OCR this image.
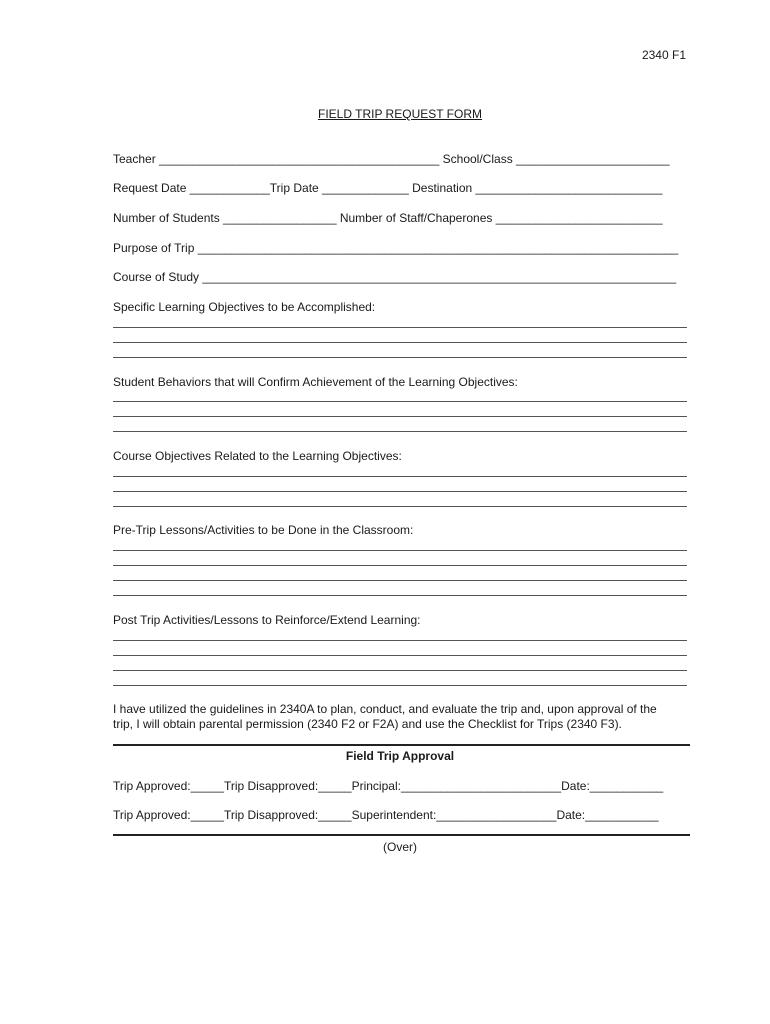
2340 F1
FIELD TRIP REQUEST FORM
Teacher __________________________________________ School/Class _______________________
Request Date ____________Trip Date _____________ Destination ____________________________
Number of Students _________________ Number of Staff/Chaperones _________________________
Purpose of Trip ________________________________________________________________________
Course of Study _______________________________________________________________________
Specific Learning Objectives to be Accomplished:
Student Behaviors that will Confirm Achievement of the Learning Objectives:
Course Objectives Related to the Learning Objectives:
Pre-Trip Lessons/Activities to be Done in the Classroom:
Post Trip Activities/Lessons to Reinforce/Extend Learning:
I have utilized the guidelines in 2340A to plan, conduct, and evaluate the trip and, upon approval of the
trip, I will obtain parental permission (2340 F2 or F2A) and use the Checklist for Trips (2340 F3).
Field Trip Approval
Trip Approved:_____Trip Disapproved:_____Principal:________________________Date:___________
Trip Approved:_____Trip Disapproved:_____Superintendent:__________________Date:___________
(Over)
